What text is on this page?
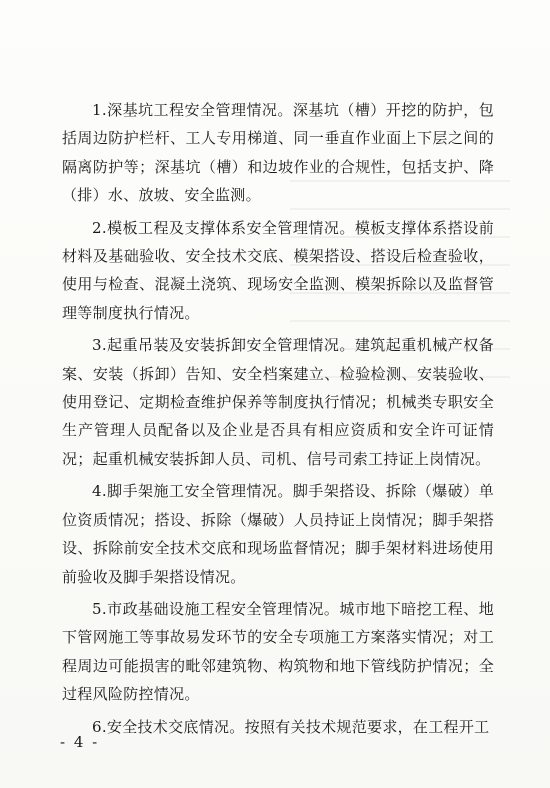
1.深基坑工程安全管理情况。深基坑（槽）开挖的防护，包括周边防护栏杆、工人专用梯道、同一垂直作业面上下层之间的隔离防护等；深基坑（槽）和边坡作业的合规性，包括支护、降（排）水、放坡、安全监测。

2.模板工程及支撑体系安全管理情况。模板支撑体系搭设前材料及基础验收、安全技术交底、模架搭设、搭设后检查验收，使用与检查、混凝土浇筑、现场安全监测、模架拆除以及监督管理等制度执行情况。

3.起重吊装及安装拆卸安全管理情况。建筑起重机械产权备案、安装（拆卸）告知、安全档案建立、检验检测、安装验收、使用登记、定期检查维护保养等制度执行情况；机械类专职安全生产管理人员配备以及企业是否具有相应资质和安全许可证情况；起重机械安装拆卸人员、司机、信号司索工持证上岗情况。

4.脚手架施工安全管理情况。脚手架搭设、拆除（爆破）单位资质情况；搭设、拆除（爆破）人员持证上岗情况；脚手架搭设、拆除前安全技术交底和现场监督情况；脚手架材料进场使用前验收及脚手架搭设情况。

5.市政基础设施工程安全管理情况。城市地下暗挖工程、地下管网施工等事故易发环节的安全专项施工方案落实情况；对工程周边可能损害的毗邻建筑物、构筑物和地下管线防护情况；全过程风险防控情况。

6.安全技术交底情况。按照有关技术规范要求，在工程开工

- 4 -
